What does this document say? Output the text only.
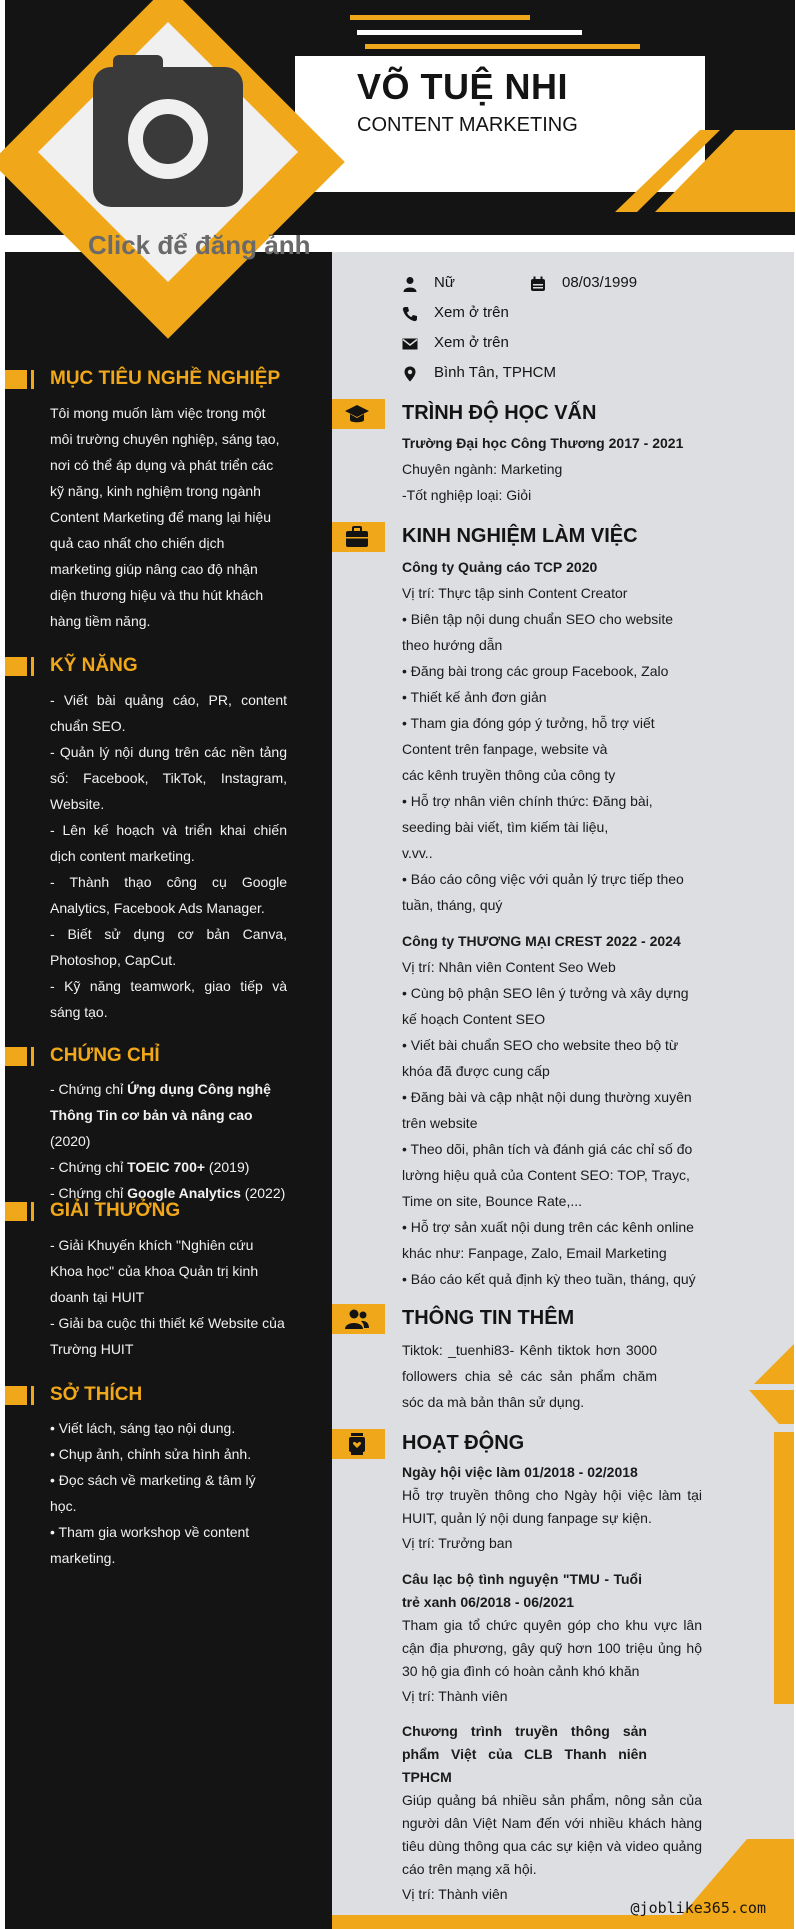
VÕ TUỆ NHI
CONTENT MARKETING
MỤC TIÊU NGHỀ NGHIỆP
Tôi mong muốn làm việc trong một môi trường chuyên nghiệp, sáng tạo, nơi có thể áp dụng và phát triển các kỹ năng, kinh nghiệm trong ngành Content Marketing để mang lại hiệu quả cao nhất cho chiến dịch marketing giúp nâng cao độ nhận diện thương hiệu và thu hút khách hàng tiềm năng.
KỸ NĂNG

- Viết bài quảng cáo, PR, content chuẩn SEO.

- Quản lý nội dung trên các nền tảng số: Facebook, TikTok, Instagram, Website.

- Lên kế hoạch và triển khai chiến dịch content marketing.

- Thành thạo công cụ Google Analytics, Facebook Ads Manager.

- Biết sử dụng cơ bản Canva, Photoshop, CapCut.

- Kỹ năng teamwork, giao tiếp và sáng tạo.

CHỨNG CHỈ

- Chứng chỉ Ứng dụng Công nghệ Thông Tin cơ bản và nâng cao (2020)

- Chứng chỉ TOEIC 700+ (2019)

- Chứng chỉ Google Analytics (2022)

GIẢI THƯỞNG

- Giải Khuyến khích "Nghiên cứu Khoa học" của khoa Quản trị kinh doanh tại HUIT

- Giải ba cuộc thi thiết kế Website của Trường HUIT

SỞ THÍCH

• Viết lách, sáng tạo nội dung.

• Chụp ảnh, chỉnh sửa hình ảnh.

• Đọc sách về marketing & tâm lý học.

• Tham gia workshop về content marketing.

Nữ	08/03/1999
Xem ở trên
Xem ở trên
Bình Tân, TPHCM
TRÌNH ĐỘ HỌC VẤN

Trường Đại học Công Thương 2017 - 2021

Chuyên ngành: Marketing

-Tốt nghiệp loại: Giỏi

KINH NGHIỆM LÀM VIỆC

Công ty Quảng cáo TCP 2020

Vị trí: Thực tập sinh Content Creator

• Biên tập nội dung chuẩn SEO cho website theo hướng dẫn

• Đăng bài trong các group Facebook, Zalo

• Thiết kế ảnh đơn giản

• Tham gia đóng góp ý tưởng, hỗ trợ viết

Content trên fanpage, website và

các kênh truyền thông của công ty

• Hỗ trợ nhân viên chính thức: Đăng bài, seeding bài viết, tìm kiếm tài liệu,

v.vv..

• Báo cáo công việc với quản lý trực tiếp theo tuần, tháng, quý

Công ty THƯƠNG MẠI CREST 2022 - 2024

Vị trí: Nhân viên Content Seo Web

• Cùng bộ phận SEO lên ý tưởng và xây dựng kế hoạch Content SEO

• Viết bài chuẩn SEO cho website theo bộ từ khóa đã được cung cấp

• Đăng bài và cập nhật nội dung thường xuyên trên website

• Theo dõi, phân tích và đánh giá các chỉ số đo lường hiệu quả của Content SEO: TOP, Trayc, Time on site, Bounce Rate,...

• Hỗ trợ sản xuất nội dung trên các kênh online khác như: Fanpage, Zalo, Email Marketing

• Báo cáo kết quả định kỳ theo tuần, tháng, quý

THÔNG TIN THÊM

Tiktok: _tuenhi83- Kênh tiktok hơn 3000 followers chia sẻ các sản phẩm chăm sóc da mà bản thân sử dụng.

HOẠT ĐỘNG

Ngày hội việc làm 01/2018 - 02/2018

Hỗ trợ truyền thông cho Ngày hội việc làm tại HUIT, quản lý nội dung fanpage sự kiện.

Vị trí: Trưởng ban

Câu lạc bộ tình nguyện "TMU - Tuổi trẻ xanh 06/2018 - 06/2021

Tham gia tổ chức quyên góp cho khu vực lân cận địa phương, gây quỹ hơn 100 triệu ủng hộ 30 hộ gia đình có hoàn cảnh khó khăn

Vị trí: Thành viên

Chương trình truyền thông sản phẩm Việt của CLB Thanh niên TPHCM

Giúp quảng bá nhiều sản phẩm, nông sản của người dân Việt Nam đến với nhiều khách hàng tiêu dùng thông qua các sự kiện và video quảng cáo trên mạng xã hội.

Vị trí: Thành viên

Click để đăng ảnh
@joblike365.com
